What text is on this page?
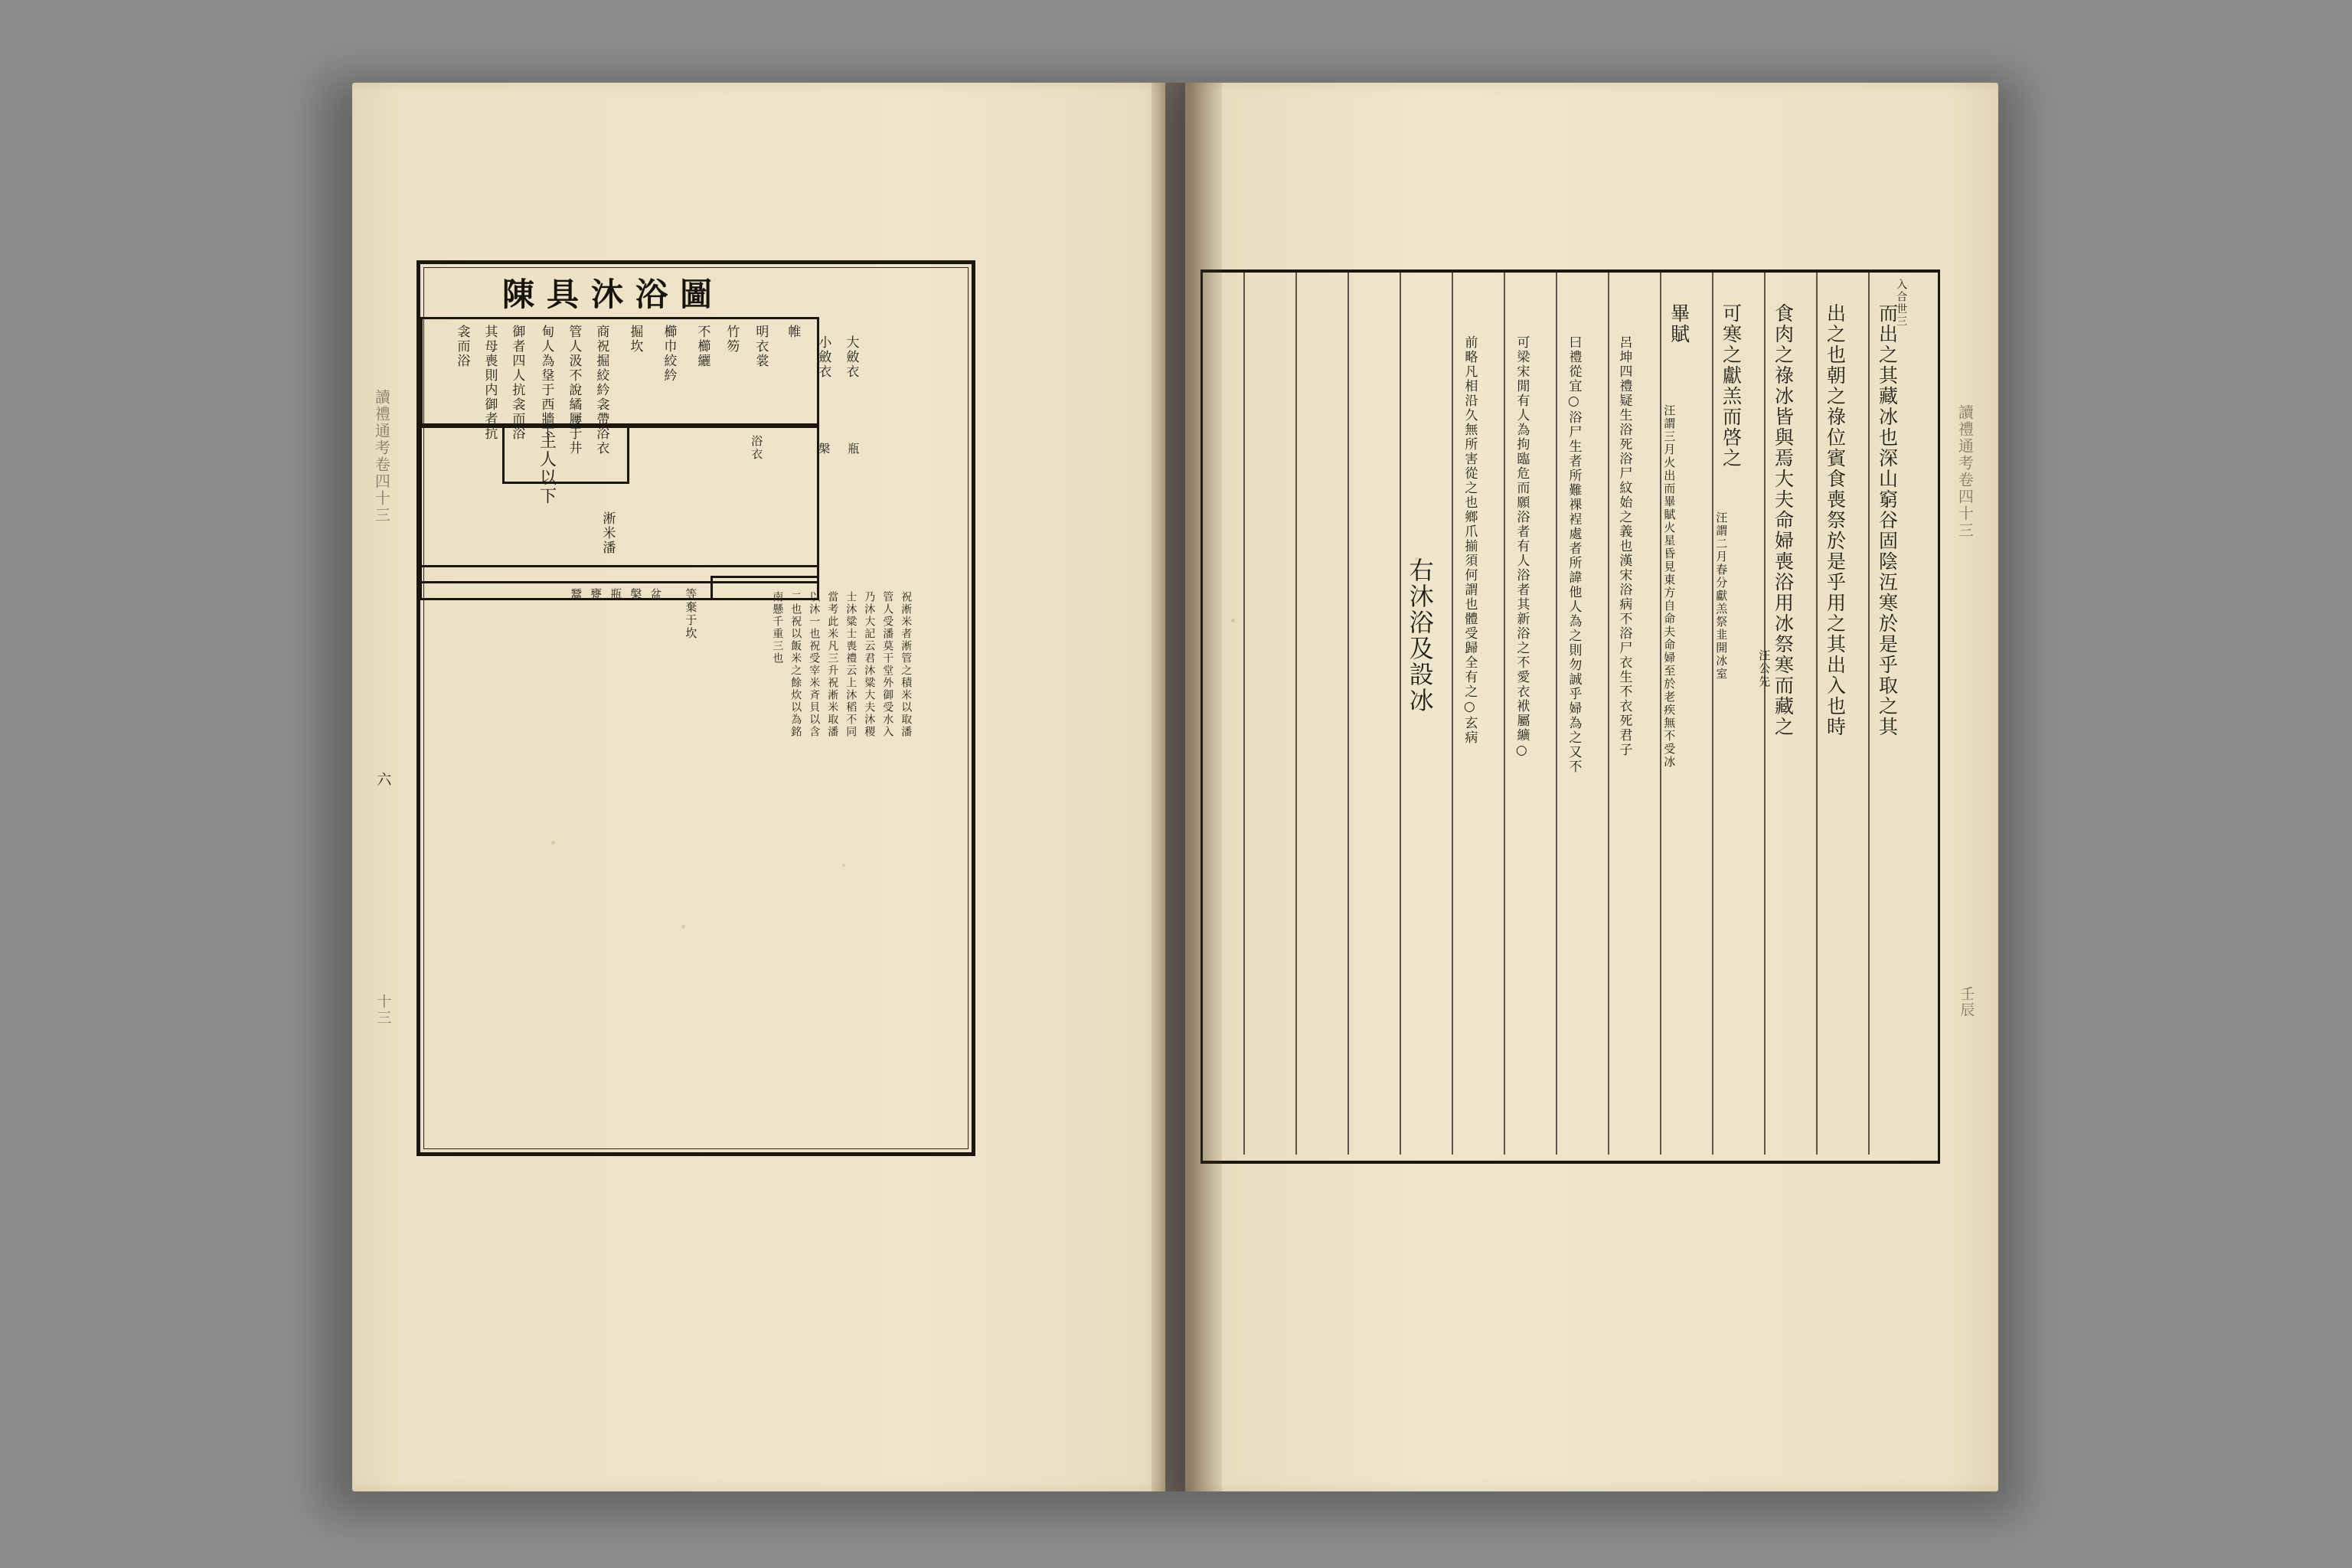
陳具沐浴圖
帷
明衣裳
竹笏
不櫛纚
櫛巾絞紟
掘坎
商祝掘絞紟衾帶浴衣
管人汲不說繘屨于井
甸人為垼于西牆下
御者四人抗衾而浴
其母喪則内御者抗
衾而浴	小斂衣 大斂衣
主人以下
淅米潘
浴衣	槃 瓶
盆
槃
瓶
甕
鬵	等棄于坎	祝淅米者淅管之積米以取潘
管人受潘莫干堂外御受水入
乃沐大記云君沐粱大夫沐稷
士沐粱士喪禮云上沐稻不同
當考此米凡三升祝淅米取潘
以沐一也祝受宰米斉貝以含
二也祝以飯米之餘炊以為銘
南懸千重三也
讀禮通考卷四十三
六
十三
入合世三
而出之其藏冰也深山窮谷固陰沍寒於是乎取之其
出之也朝之祿位賓食喪祭於是乎用之其出入也時
食肉之祿冰皆與焉大夫命婦喪浴用冰祭寒而藏之
汪公先
可寒之獻羔而啓之
汪謂二月春分獻羔祭韭開冰室
畢賦
汪謂三月火出而畢賦火星昏見東方自命夫命婦至於老疾無不受冰
呂坤四禮疑生浴死浴尸紋始之義也漢宋浴病不浴尸衣生不衣死君子
曰禮從宜○浴尸生者所難祼裎處者所諱他人為之則勿誠乎婦為之又不
可梁宋閒有人為拘臨危而願浴者有人浴者其新浴之不愛衣袱屬纊○
前略凡相沿久無所害從之也鄉爪揃須何謂也體受歸全有之○玄病
右沐浴及設冰
讀禮通考卷四十三
壬辰
